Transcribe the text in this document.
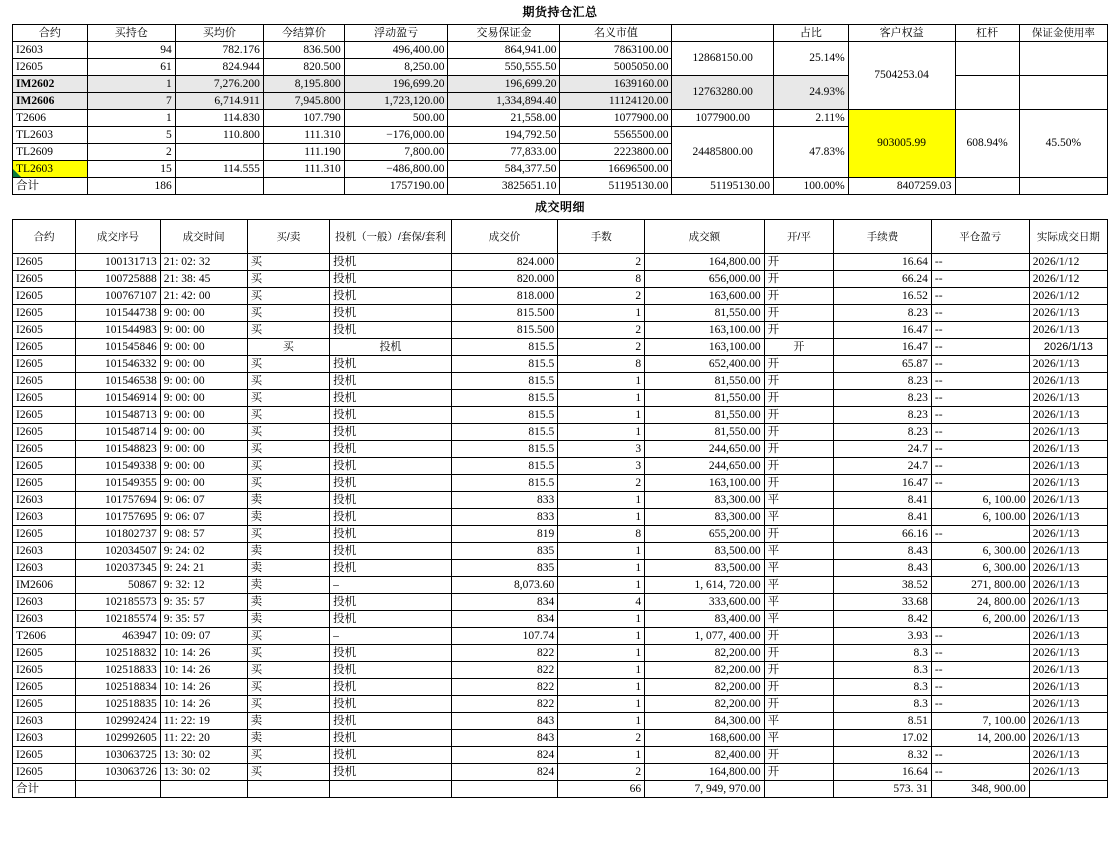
期货持仓汇总
合约	买持仓	买均价	今结算价	浮动盈亏	交易保证金	名义市值		占比	客户权益	杠杆	保证金使用率
I2603	94	782.176	836.500	496,400.00	864,941.00	7863100.00	12868150.00	25.14%	7504253.04		
I2605	61	824.944	820.500	8,250.00	550,555.50	5005050.00					
IM2602	1	7,276.200	8,195.800	196,699.20	196,699.20	1639160.00	12763280.00	24.93%			
IM2606	7	6,714.911	7,945.800	1,723,120.00	1,334,894.40	11124120.00					
T2606	1	114.830	107.790	500.00	21,558.00	1077900.00	1077900.00	2.11%	903005.99	608.94%	45.50%
TL2603	5	110.800	111.310	−176,000.00	194,792.50	5565500.00	24485800.00	47.83%			
TL2609	2		111.190	7,800.00	77,833.00	2223800.00					
TL2603	15	114.555	111.310	−486,800.00	584,377.50	16696500.00					
合计	186			1757190.00	3825651.10	51195130.00	51195130.00	100.00%	8407259.03		
成交明细
合约	成交序号	成交时间	买/卖	投机（一般）/套保/套利	成交价	手数	成交额	开/平	手续费	平仓盈亏	实际成交日期
I2605	100131713	21: 02: 32	买	投机	824.000	2	164,800.00	开	16.64	--	2026/1/12
I2605	100725888	21: 38: 45	买	投机	820.000	8	656,000.00	开	66.24	--	2026/1/12
I2605	100767107	21: 42: 00	买	投机	818.000	2	163,600.00	开	16.52	--	2026/1/12
I2605	101544738	9: 00: 00	买	投机	815.500	1	81,550.00	开	8.23	--	2026/1/13
I2605	101544983	9: 00: 00	买	投机	815.500	2	163,100.00	开	16.47	--	2026/1/13
I2605	101545846	9: 00: 00	买	投机	815.5	2	163,100.00	开	16.47	--	2026/1/13
I2605	101546332	9: 00: 00	买	投机	815.5	8	652,400.00	开	65.87	--	2026/1/13
I2605	101546538	9: 00: 00	买	投机	815.5	1	81,550.00	开	8.23	--	2026/1/13
I2605	101546914	9: 00: 00	买	投机	815.5	1	81,550.00	开	8.23	--	2026/1/13
I2605	101548713	9: 00: 00	买	投机	815.5	1	81,550.00	开	8.23	--	2026/1/13
I2605	101548714	9: 00: 00	买	投机	815.5	1	81,550.00	开	8.23	--	2026/1/13
I2605	101548823	9: 00: 00	买	投机	815.5	3	244,650.00	开	24.7	--	2026/1/13
I2605	101549338	9: 00: 00	买	投机	815.5	3	244,650.00	开	24.7	--	2026/1/13
I2605	101549355	9: 00: 00	买	投机	815.5	2	163,100.00	开	16.47	--	2026/1/13
I2603	101757694	9: 06: 07	卖	投机	833	1	83,300.00	平	8.41	6, 100.00	2026/1/13
I2603	101757695	9: 06: 07	卖	投机	833	1	83,300.00	平	8.41	6, 100.00	2026/1/13
I2605	101802737	9: 08: 57	买	投机	819	8	655,200.00	开	66.16	--	2026/1/13
I2603	102034507	9: 24: 02	卖	投机	835	1	83,500.00	平	8.43	6, 300.00	2026/1/13
I2603	102037345	9: 24: 21	卖	投机	835	1	83,500.00	平	8.43	6, 300.00	2026/1/13
IM2606	50867	9: 32: 12	卖	–	8,073.60	1	1, 614, 720.00	平	38.52	271, 800.00	2026/1/13
I2603	102185573	9: 35: 57	卖	投机	834	4	333,600.00	平	33.68	24, 800.00	2026/1/13
I2603	102185574	9: 35: 57	卖	投机	834	1	83,400.00	平	8.42	6, 200.00	2026/1/13
T2606	463947	10: 09: 07	买	–	107.74	1	1, 077, 400.00	开	3.93	--	2026/1/13
I2605	102518832	10: 14: 26	买	投机	822	1	82,200.00	开	8.3	--	2026/1/13
I2605	102518833	10: 14: 26	买	投机	822	1	82,200.00	开	8.3	--	2026/1/13
I2605	102518834	10: 14: 26	买	投机	822	1	82,200.00	开	8.3	--	2026/1/13
I2605	102518835	10: 14: 26	买	投机	822	1	82,200.00	开	8.3	--	2026/1/13
I2603	102992424	11: 22: 19	卖	投机	843	1	84,300.00	平	8.51	7, 100.00	2026/1/13
I2603	102992605	11: 22: 20	卖	投机	843	2	168,600.00	平	17.02	14, 200.00	2026/1/13
I2605	103063725	13: 30: 02	买	投机	824	1	82,400.00	开	8.32	--	2026/1/13
I2605	103063726	13: 30: 02	买	投机	824	2	164,800.00	开	16.64	--	2026/1/13
合计						66	7, 949, 970.00		573. 31	348, 900.00	
